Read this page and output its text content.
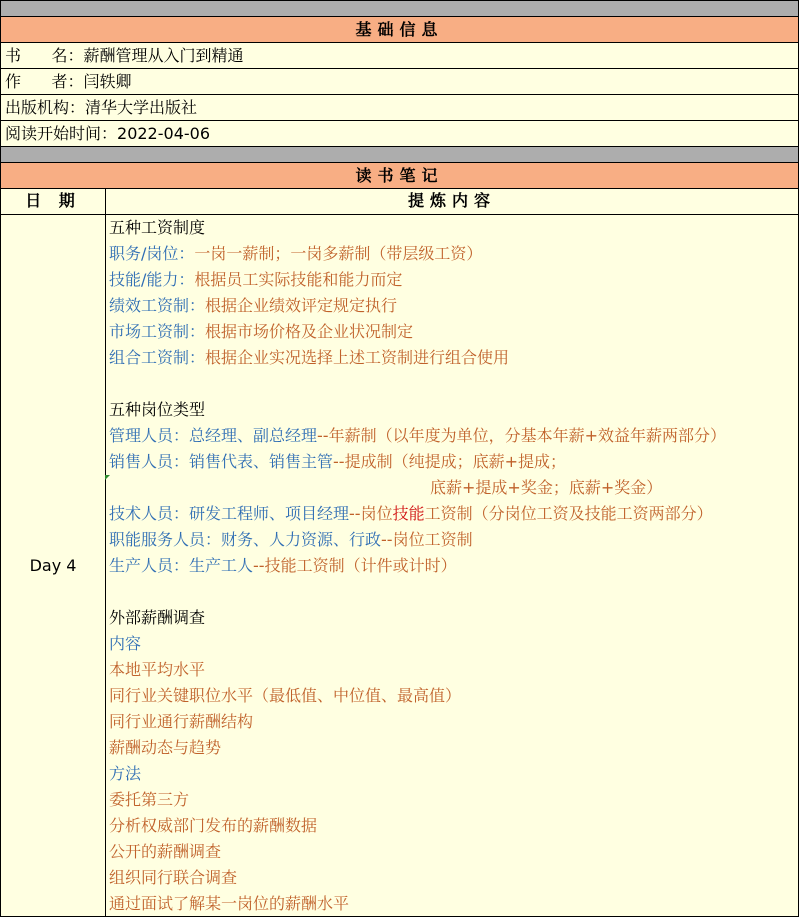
基础信息
书      名：薪酬管理从入门到精通
作      者：闫轶卿
出版机构：清华大学出版社
阅读开始时间：2022-04-06
读书笔记
日 期	提炼内容
Day 4
五种工资制度
职务/岗位：一岗一薪制；一岗多薪制（带层级工资）
技能/能力：根据员工实际技能和能力而定
绩效工资制：根据企业绩效评定规定执行
市场工资制：根据市场价格及企业状况制定
组合工资制：根据企业实况选择上述工资制进行组合使用
五种岗位类型
管理人员：总经理、副总经理--年薪制（以年度为单位，分基本年薪+效益年薪两部分）
销售人员：销售代表、销售主管--提成制（纯提成；底薪+提成；
底薪+提成+奖金；底薪+奖金）
技术人员：研发工程师、项目经理--岗位技能工资制（分岗位工资及技能工资两部分）
职能服务人员：财务、人力资源、行政--岗位工资制
生产人员：生产工人--技能工资制（计件或计时）
外部薪酬调查
内容
本地平均水平
同行业关键职位水平（最低值、中位值、最高值）
同行业通行薪酬结构
薪酬动态与趋势
方法
委托第三方
分析权威部门发布的薪酬数据
公开的薪酬调查
组织同行联合调查
通过面试了解某一岗位的薪酬水平
